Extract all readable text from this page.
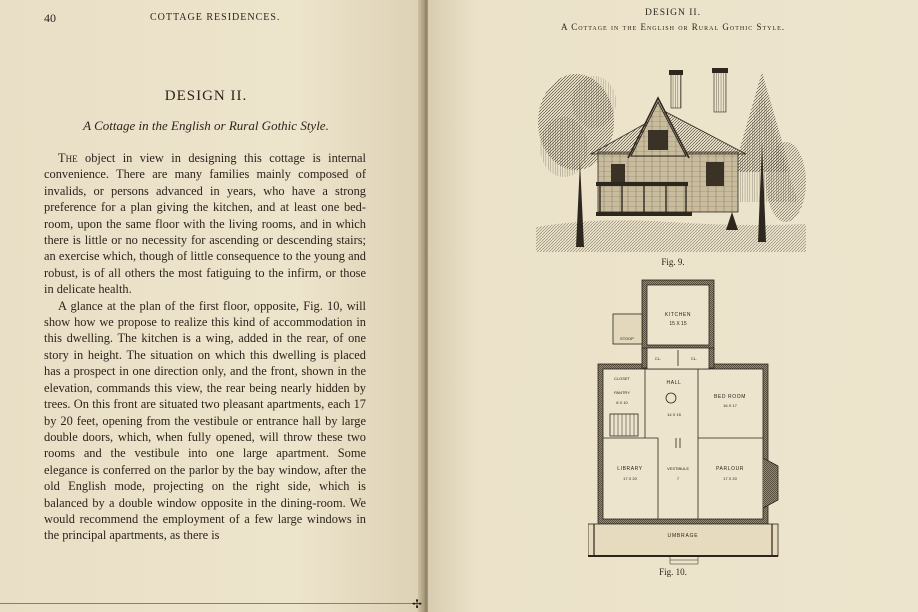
40	COTTAGE RESIDENCES.
DESIGN II.
A Cottage in the English or Rural Gothic Style.

The object in view in designing this cottage is internal convenience. There are many families mainly composed of invalids, or persons advanced in years, who have a strong preference for a plan giving the kitchen, and at least one bed-room, upon the same floor with the living rooms, and in which there is little or no necessity for ascending or descending stairs; an exercise which, though of little consequence to the young and robust, is of all others the most fatiguing to the infirm, or those in delicate health.

A glance at the plan of the first floor, opposite, Fig. 10, will show how we propose to realize this kind of accommodation in this dwelling. The kitchen is a wing, added in the rear, of one story in height. The situation on which this dwelling is placed has a prospect in one direction only, and the front, shown in the elevation, commands this view, the rear being nearly hidden by trees. On this front are situated two pleasant apartments, each 17 by 20 feet, opening from the vestibule or entrance hall by large double doors, which, when fully opened, will throw these two rooms and the vestibule into one large apartment. Some elegance is conferred on the parlor by the bay window, after the old English mode, projecting on the right side, which is balanced by a double window opposite in the dining-room. We would recommend the employment of a few large windows in the principal apartments, as there is

✢
DESIGN II.
A Cottage in the English or Rural Gothic Style.
Fig. 9.
KITCHEN
15 X 15
STOOP
CL.	CL.
HALL
14 X 15
CLOSET
PANTRY
8 X 10
BED ROOM
16 X 17
LIBRARY
17 X 20
VESTIBULE
7
PARLOUR
17 X 20
UMBRAGE
Fig. 10.
